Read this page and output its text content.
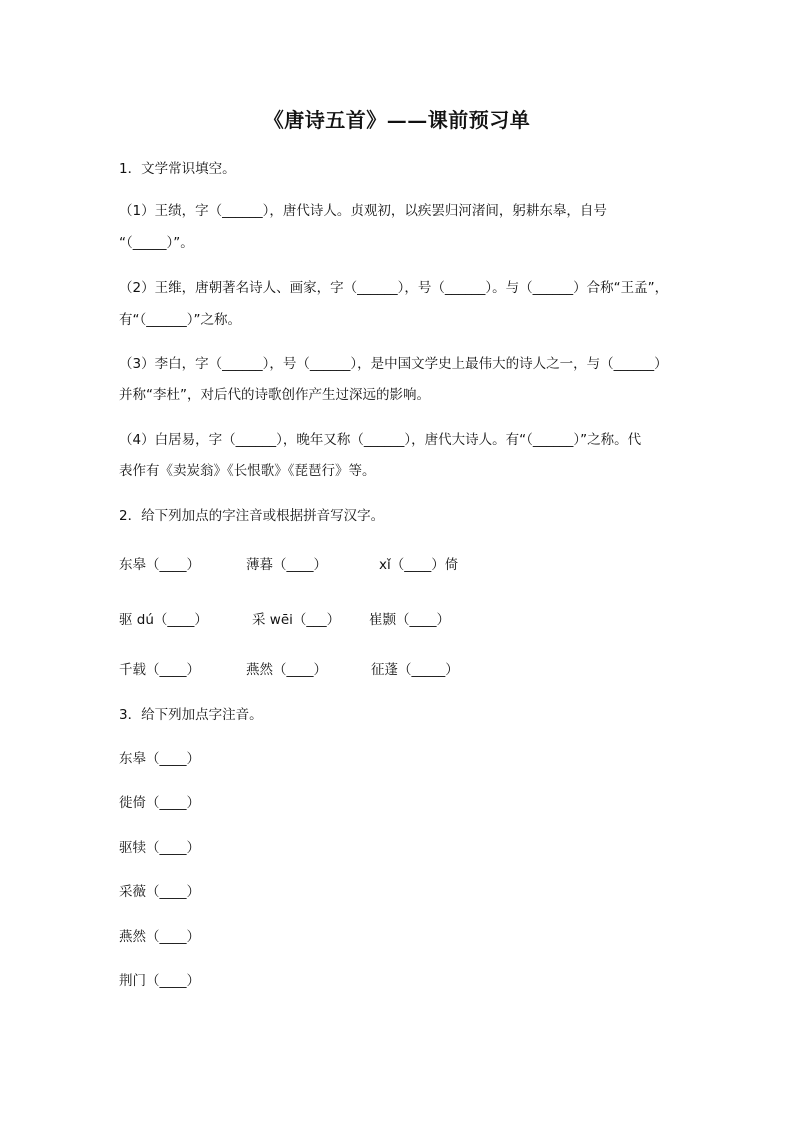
《唐诗五首》——课前预习单
1．文学常识填空。
（1）王绩，字（______），唐代诗人。贞观初，以疾罢归河渚间，躬耕东皋，自号
“（_____）”。
（2）王维，唐朝著名诗人、画家，字（______），号（______）。与（______）合称“王孟”，
有“（______）”之称。
（3）李白，字（______），号（______），是中国文学史上最伟大的诗人之一，与（______）
并称“李杜”，对后代的诗歌创作产生过深远的影响。
（4）白居易，字（______），晚年又称（______），唐代大诗人。有“（______）”之称。代
表作有《卖炭翁》《长恨歌》《琵琶行》等。
2．给下列加点的字注音或根据拼音写汉字。
东皋（____）	薄暮（____）	xǐ（____）倚
驱 dú（____）	采 wēi（___） 崔颢（____）
千载（____）	燕然（____）	征蓬（_____）
3．给下列加点字注音。
东皋（____）
徙倚（____）
驱犊（____）
采薇（____）
燕然（____）
荆门（____）
